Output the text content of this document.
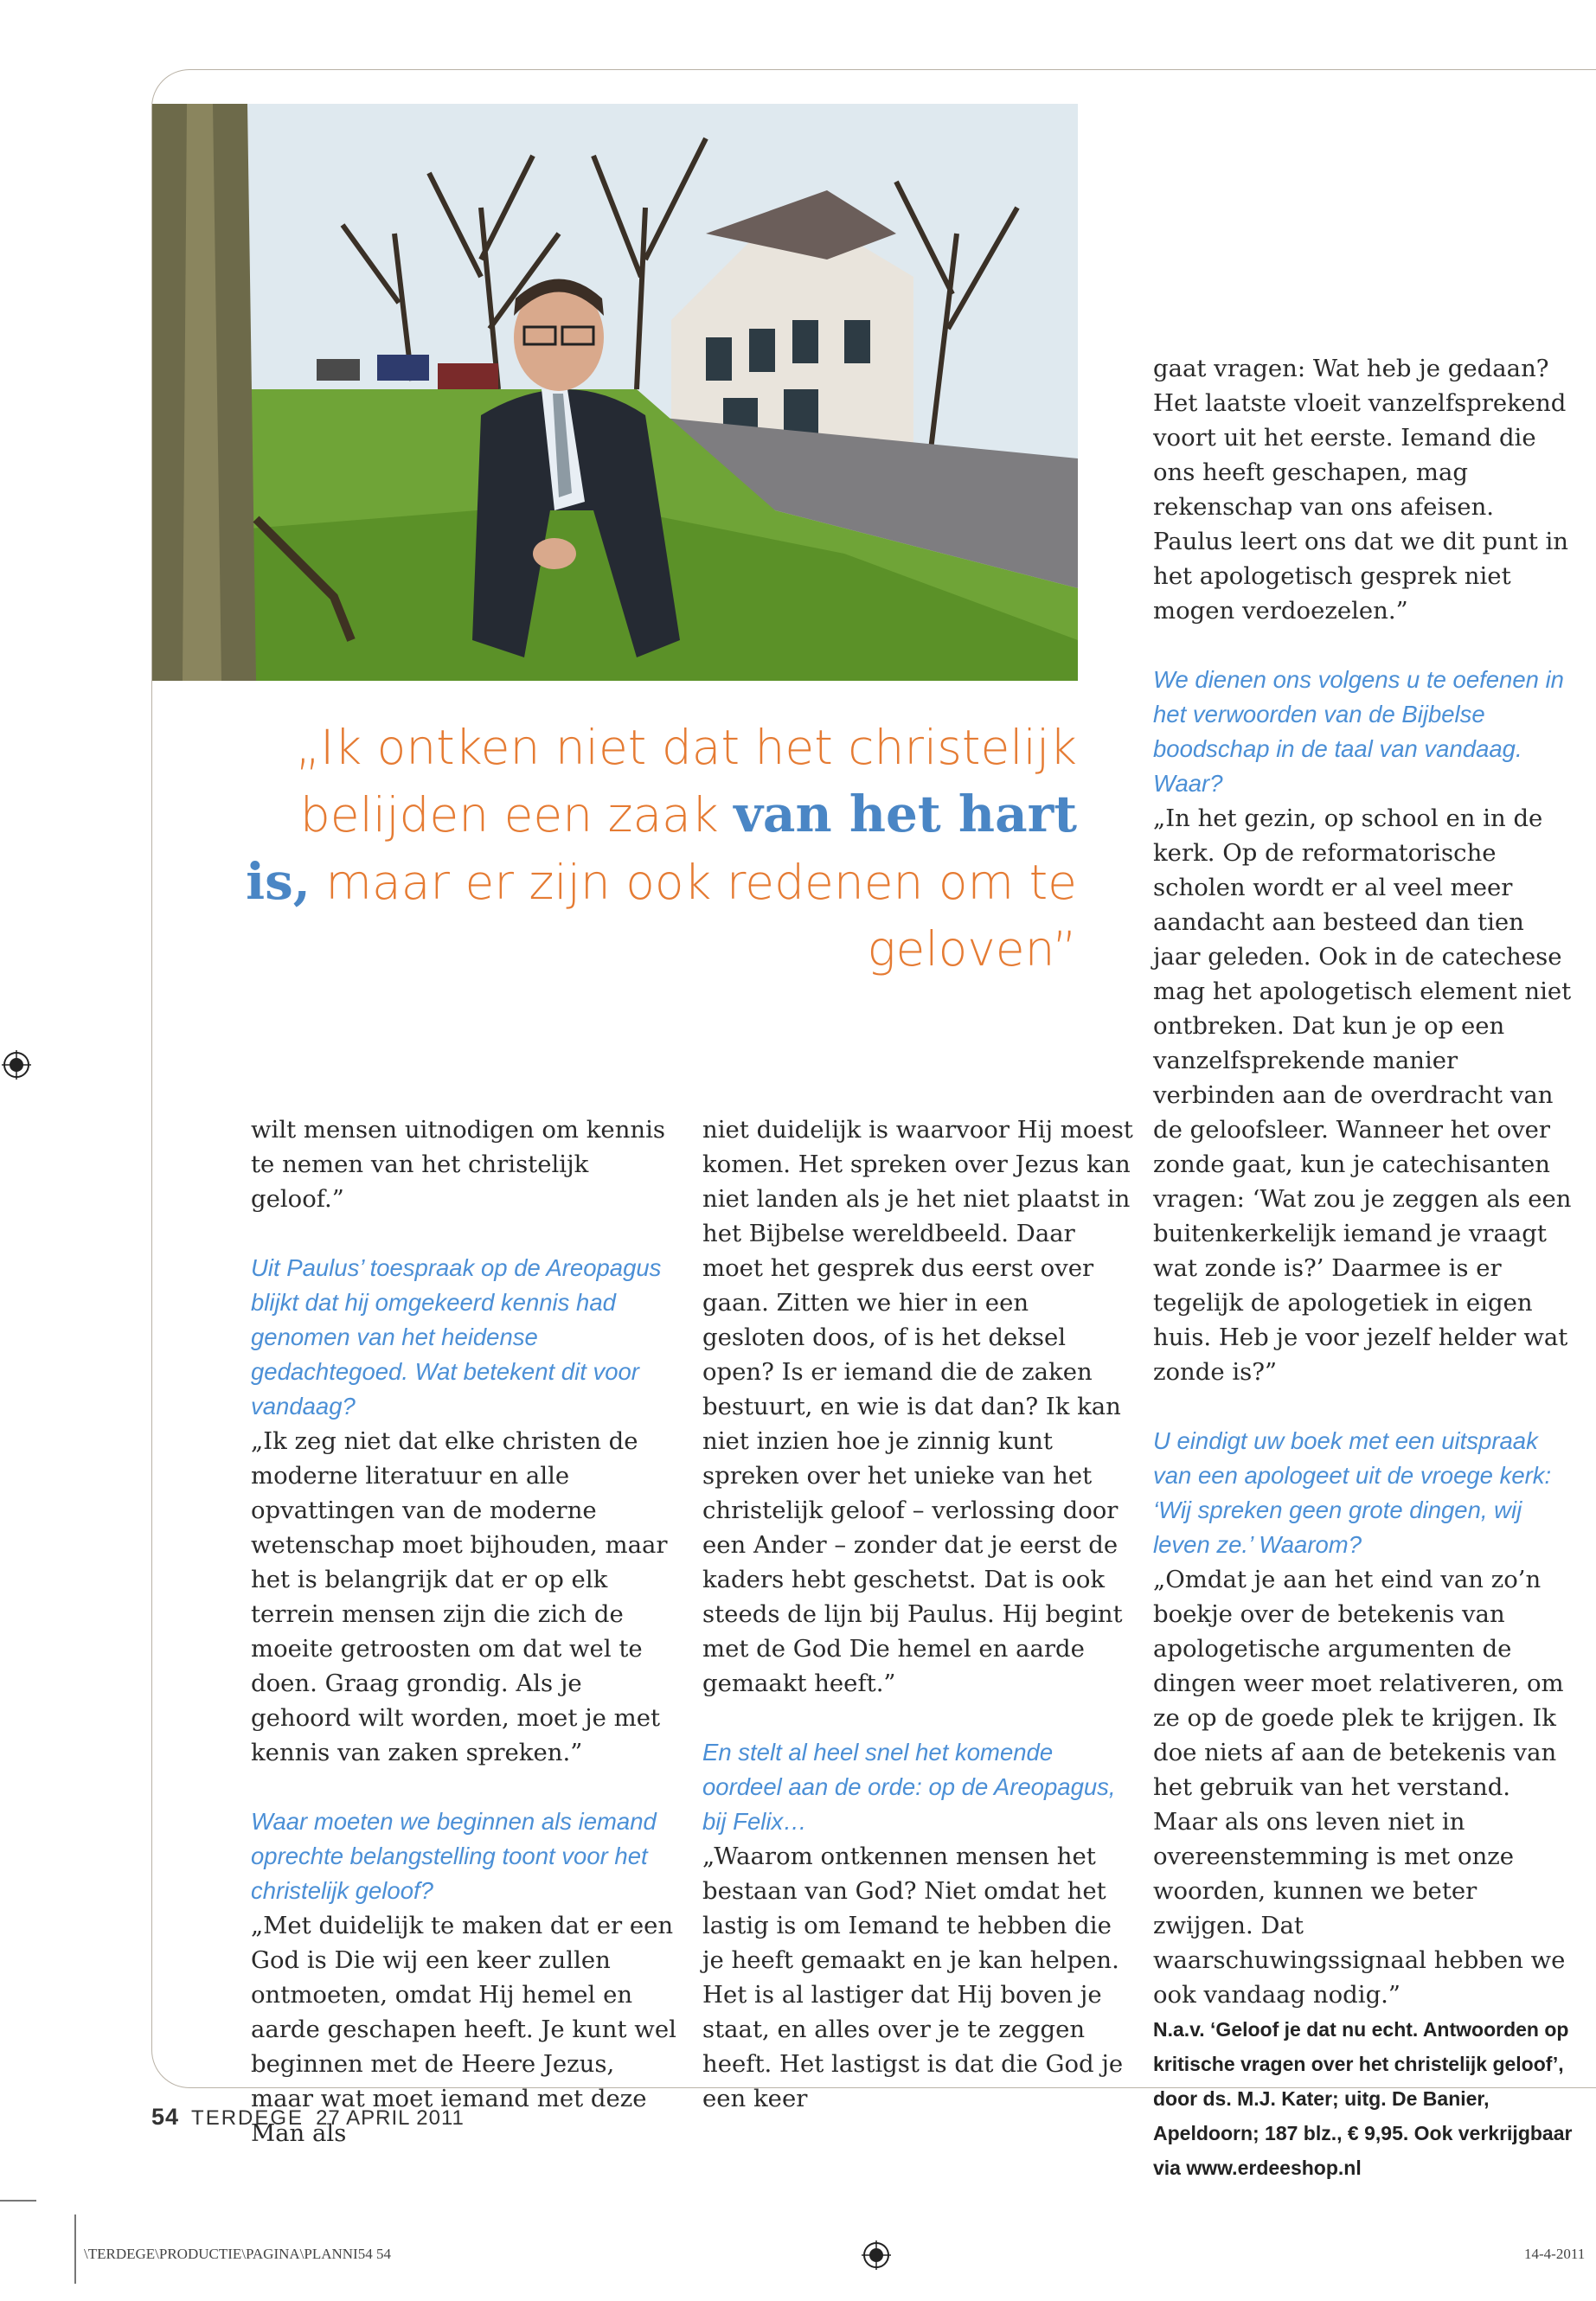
„Ik ontken niet dat het christelijk belijden een zaak van het hart is, maar er zijn ook redenen om te geloven”

wilt mensen uitnodigen om kennis te nemen van het christelijk geloof.”

Uit Paulus’ toespraak op de Areopagus blijkt dat hij omgekeerd kennis had genomen van het heidense gedachtegoed. Wat betekent dit voor vandaag?

„Ik zeg niet dat elke christen de moderne literatuur en alle opvattingen van de moderne wetenschap moet bijhouden, maar het is belangrijk dat er op elk terrein mensen zijn die zich de moeite getroosten om dat wel te doen. Graag grondig. Als je gehoord wilt worden, moet je met kennis van zaken spreken.”

Waar moeten we beginnen als iemand oprechte belangstelling toont voor het christelijk geloof?

„Met duidelijk te maken dat er een God is Die wij een keer zullen ontmoeten, omdat Hij hemel en aarde geschapen heeft. Je kunt wel beginnen met de Heere Jezus, maar wat moet iemand met deze Man als

niet duidelijk is waarvoor Hij moest komen. Het spreken over Jezus kan niet landen als je het niet plaatst in het Bijbelse wereldbeeld. Daar moet het gesprek dus eerst over gaan. Zitten we hier in een gesloten doos, of is het deksel open? Is er iemand die de zaken bestuurt, en wie is dat dan? Ik kan niet inzien hoe je zinnig kunt spreken over het unieke van het christelijk geloof – verlossing door een Ander – zonder dat je eerst de kaders hebt geschetst. Dat is ook steeds de lijn bij Paulus. Hij begint met de God Die hemel en aarde gemaakt heeft.”

En stelt al heel snel het komende oordeel aan de orde: op de Areopagus, bij Felix…

„Waarom ontkennen mensen het bestaan van God? Niet omdat het lastig is om Iemand te hebben die je heeft gemaakt en je kan helpen. Het is al lastiger dat Hij boven je staat, en alles over je te zeggen heeft. Het lastigst is dat die God je een keer

gaat vragen: Wat heb je gedaan? Het laatste vloeit vanzelfsprekend voort uit het eerste. Iemand die ons heeft geschapen, mag rekenschap van ons afeisen. Paulus leert ons dat we dit punt in het apologetisch gesprek niet mogen verdoezelen.”

We dienen ons volgens u te oefenen in het verwoorden van de Bijbelse boodschap in de taal van vandaag. Waar?

„In het gezin, op school en in de kerk. Op de reformatorische scholen wordt er al veel meer aandacht aan besteed dan tien jaar geleden. Ook in de catechese mag het apologetisch element niet ontbreken. Dat kun je op een vanzelfsprekende manier verbinden aan de overdracht van de geloofsleer. Wanneer het over zonde gaat, kun je catechisanten vragen: ‘Wat zou je zeggen als een buitenkerkelijk iemand je vraagt wat zonde is?’ Daarmee is er tegelijk de apologetiek in eigen huis. Heb je voor jezelf helder wat zonde is?”

U eindigt uw boek met een uitspraak van een apologeet uit de vroege kerk: ‘Wij spreken geen grote dingen, wij leven ze.’ Waarom?

„Omdat je aan het eind van zo’n boekje over de betekenis van apologetische argumenten de dingen weer moet relativeren, om ze op de goede plek te krijgen. Ik doe niets af aan de betekenis van het gebruik van het verstand. Maar als ons leven niet in overeenstemming is met onze woorden, kunnen we beter zwijgen. Dat waarschuwingssignaal hebben we ook vandaag nodig.”

N.a.v. ‘Geloof je dat nu echt. Antwoorden op kritische vragen over het christelijk geloof’, door ds. M.J. Kater; uitg. De Banier, Apeldoorn; 187 blz., € 9,95. Ook verkrijgbaar via www.erdeeshop.nl

54 TERDEGE 27 APRIL 2011
\TERDEGE\PRODUCTIE\PAGINA\PLANNI54 54	14-4-2011
